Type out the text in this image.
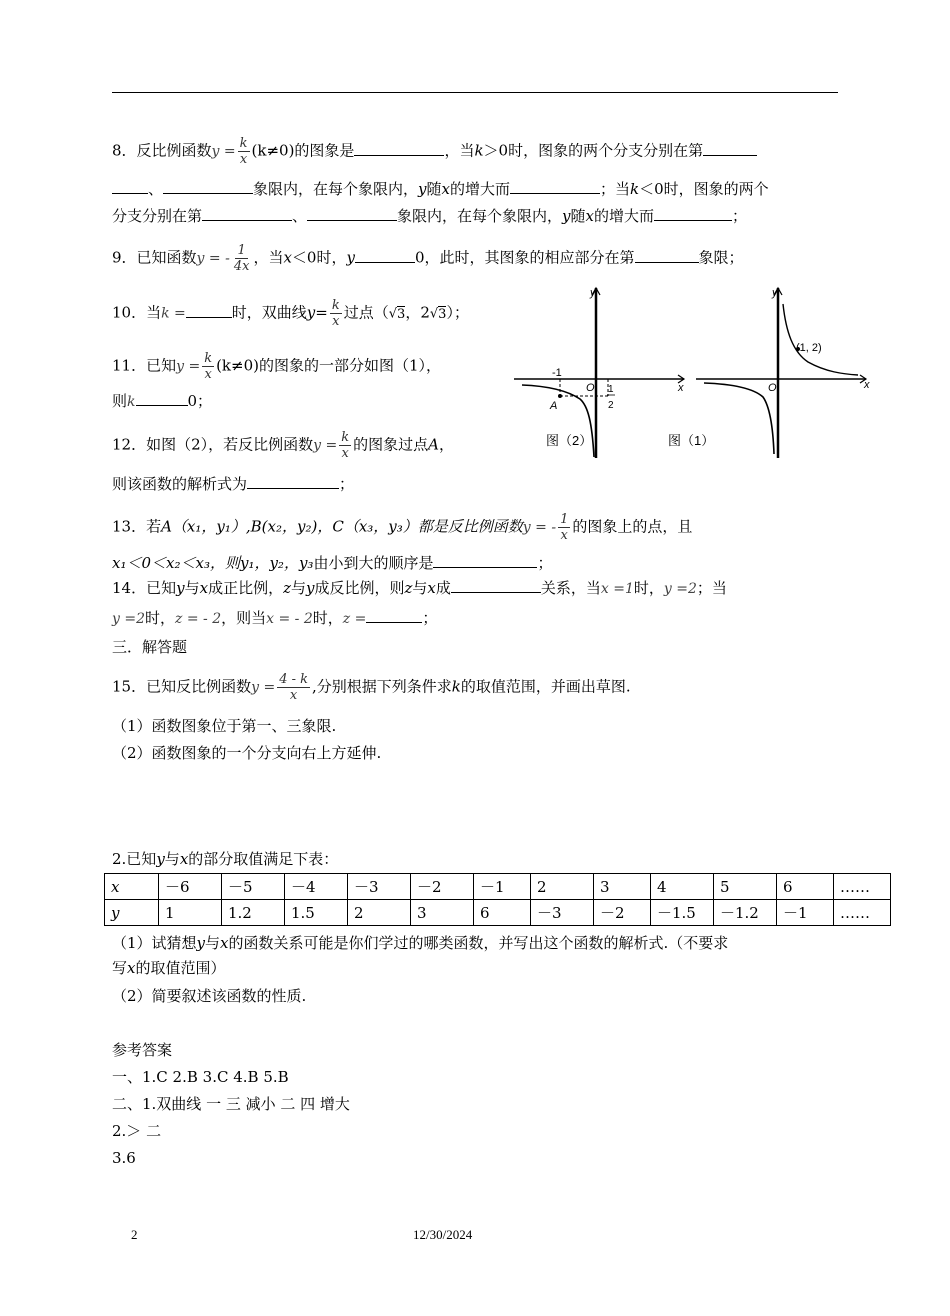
8．反比例函数$y = \frac{k}{x} (k\ne 0)$的图象是	，当k＞0时，图象的两个分支分别在第
、	象限内，在每个象限内，y随x的增大而	；当k＜0时，图象的两个
分支分别在第	、	象限内，在每个象限内，y随x的增大而	；
9．已知函数y = - $\frac{1}{4x}$ ，当x＜0时，y	0，此时，其图象的相应部分在第	象限；
10．当k =	时，双曲线$y= \frac{k}{x}$ 过点（√3，2√3）；
11．已知$y = \frac{k}{x} (k\ne 0)$的图象的一部分如图（1），
则k	0；
12．如图（2），若反比例函数$y = \frac{k}{x}$ 的图象过点A，
则该函数的解析式为	；
y
x
O
-1
A
1
2
图（2）
y
x
O
(1, 2)
图（1）
13．若A（x₁，y₁）,B(x₂，y₂)，C（x₃，y₃）都是反比例函数y = - $\frac{1}{x}$ 的图象上的点，且
x₁＜0＜x₂＜x₃，则y₁，y₂，y₃由小到大的顺序是	；
14．已知y与x成正比例，z与y成反比例，则z与x成	关系，当x =1时，y =2；当
y =2时，z = - 2，则当x = - 2时，z =	；
三．解答题
15．已知反比例函数$y = \frac{4 - k}{x}$ ,分别根据下列条件求k的取值范围，并画出草图.
（1）函数图象位于第一、三象限.
（2）函数图象的一个分支向右上方延伸.
2.已知y与x的部分取值满足下表：
x	－6	－5	－4	－3	－2	－1	2	3	4	5	6	……
y	1	1.2	1.5	2	3	6	－3	－2	－1.5	－1.2	－1	……
（1）试猜想y与x的函数关系可能是你们学过的哪类函数，并写出这个函数的解析式.（不要求
写x的取值范围）
（2）简要叙述该函数的性质.
参考答案
一、1.C 2.B 3.C 4.B 5.B
二、1.双曲线 一 三 减小 二 四 增大
2.＞ 二
3.6
2	12/30/2024
